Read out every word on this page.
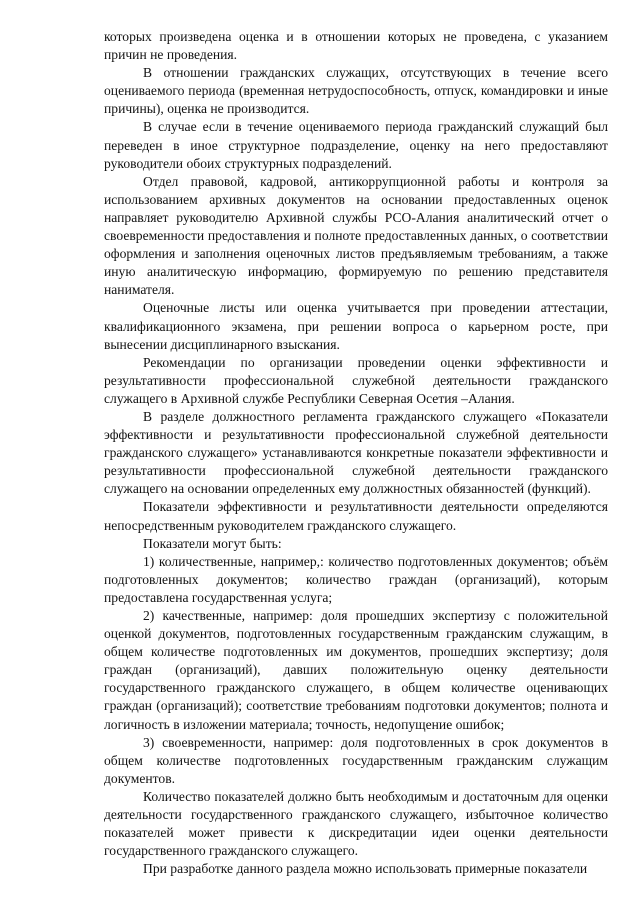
которых произведена оценка и в отношении которых не проведена, с указанием причин не проведения.

В отношении гражданских служащих, отсутствующих в течение всего оцениваемого периода (временная нетрудоспособность, отпуск, командировки и иные причины), оценка не производится.

В случае если в течение оцениваемого периода гражданский служащий был переведен в иное структурное подразделение, оценку на него предоставляют руководители обоих структурных подразделений.

Отдел правовой, кадровой, антикоррупционной работы и контроля за использованием архивных документов на основании предоставленных оценок направляет руководителю Архивной службы РСО-Алания аналитический отчет о своевременности предоставления и полноте предоставленных данных, о соответствии оформления и заполнения оценочных листов предъявляемым требованиям, а также иную аналитическую информацию, формируемую по решению представителя нанимателя.

Оценочные листы или оценка учитывается при проведении аттестации, квалификационного экзамена, при решении вопроса о карьерном росте, при вынесении дисциплинарного взыскания.

Рекомендации по организации проведении оценки эффективности и результативности профессиональной служебной деятельности гражданского служащего в Архивной службе Республики Северная Осетия –Алания.

В разделе должностного регламента гражданского служащего «Показатели эффективности и результативности профессиональной служебной деятельности гражданского служащего» устанавливаются конкретные показатели эффективности и результативности профессиональной служебной деятельности гражданского служащего на основании определенных ему должностных обязанностей (функций).

Показатели эффективности и результативности деятельности определяются непосредственным руководителем гражданского служащего.

Показатели могут быть:

1) количественные, например,: количество подготовленных документов; объём подготовленных документов; количество граждан (организаций), которым предоставлена государственная услуга;

2) качественные, например: доля прошедших экспертизу с положительной оценкой документов, подготовленных государственным гражданским служащим, в общем количестве подготовленных им документов, прошедших экспертизу; доля граждан (организаций), давших положительную оценку деятельности государственного гражданского служащего, в общем количестве оценивающих граждан (организаций); соответствие требованиям подготовки документов; полнота и логичность в изложении материала; точность, недопущение ошибок;

3) своевременности, например: доля подготовленных в срок документов в общем количестве подготовленных государственным гражданским служащим документов.

Количество показателей должно быть необходимым и достаточным для оценки деятельности государственного гражданского служащего, избыточное количество показателей может привести к дискредитации идеи оценки деятельности государственного гражданского служащего.

При разработке данного раздела можно использовать примерные показатели
